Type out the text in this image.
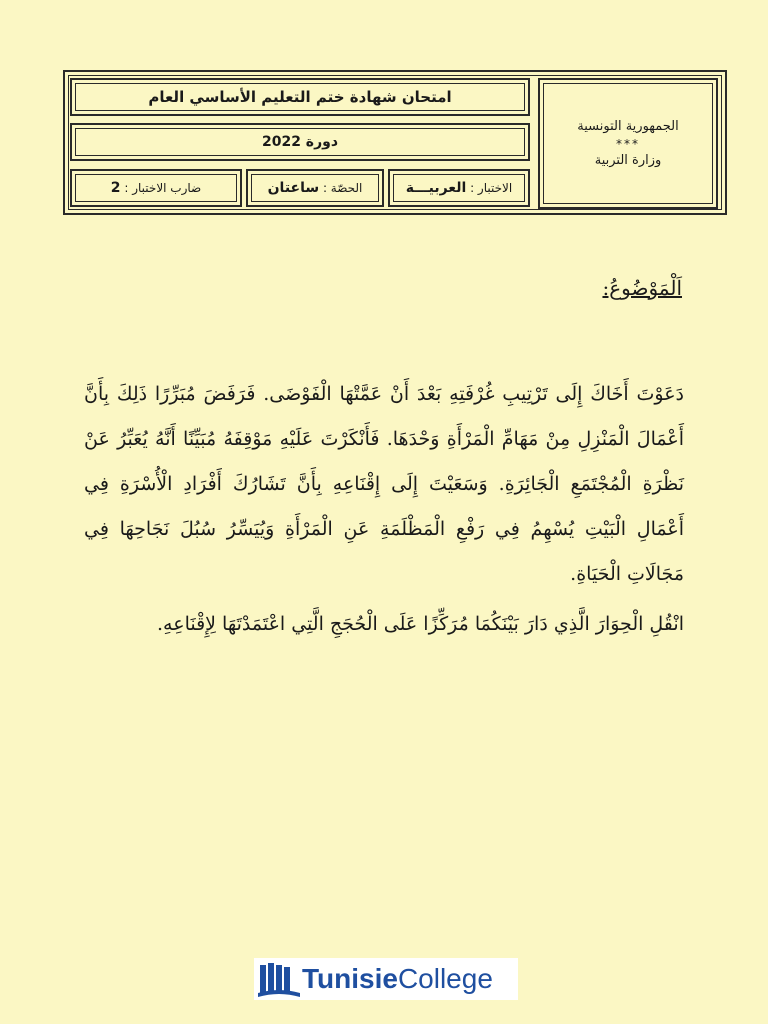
الجمهورية التونسية
***
وزارة التربية
امتحان شهادة ختم التعليم الأساسي العام
دورة 2022
الاختبار :

العربيـــة
الحصّة :

ساعتان
ضارب الاختبار :

2
اَلْمَوْضُوعُ:
دَعَوْتَ أَخَاكَ إِلَى تَرْتِيبِ غُرْفَتِهِ بَعْدَ أَنْ عَمَّتْهَا الْفَوْضَى. فَرَفَضَ مُبَرِّرًا ذَلِكَ بِأَنَّ أَعْمَالَ الْمَنْزِلِ مِنْ مَهَامِّ الْمَرْأَةِ وَحْدَهَا. فَأَنْكَرْتَ عَلَيْهِ مَوْقِفَهُ مُبَيِّنًا أَنَّهُ يُعَبِّرُ عَنْ نَظْرَةِ الْمُجْتَمَعِ الْجَائِرَةِ. وَسَعَيْتَ إِلَى إِقْنَاعِهِ بِأَنَّ تَشَارُكَ أَفْرَادِ الْأُسْرَةِ فِي أَعْمَالِ الْبَيْتِ يُسْهِمُ فِي رَفْعِ الْمَظْلَمَةِ عَنِ الْمَرْأَةِ وَيُيَسِّرُ سُبُلَ نَجَاحِهَا فِي مَجَالَاتِ الْحَيَاةِ.
انْقُلِ الْحِوَارَ الَّذِي دَارَ بَيْنَكُمَا مُرَكِّزًا عَلَى الْحُجَجِ الَّتِي اعْتَمَدْتَهَا لِإِقْنَاعِهِ.
TunisieCollege
